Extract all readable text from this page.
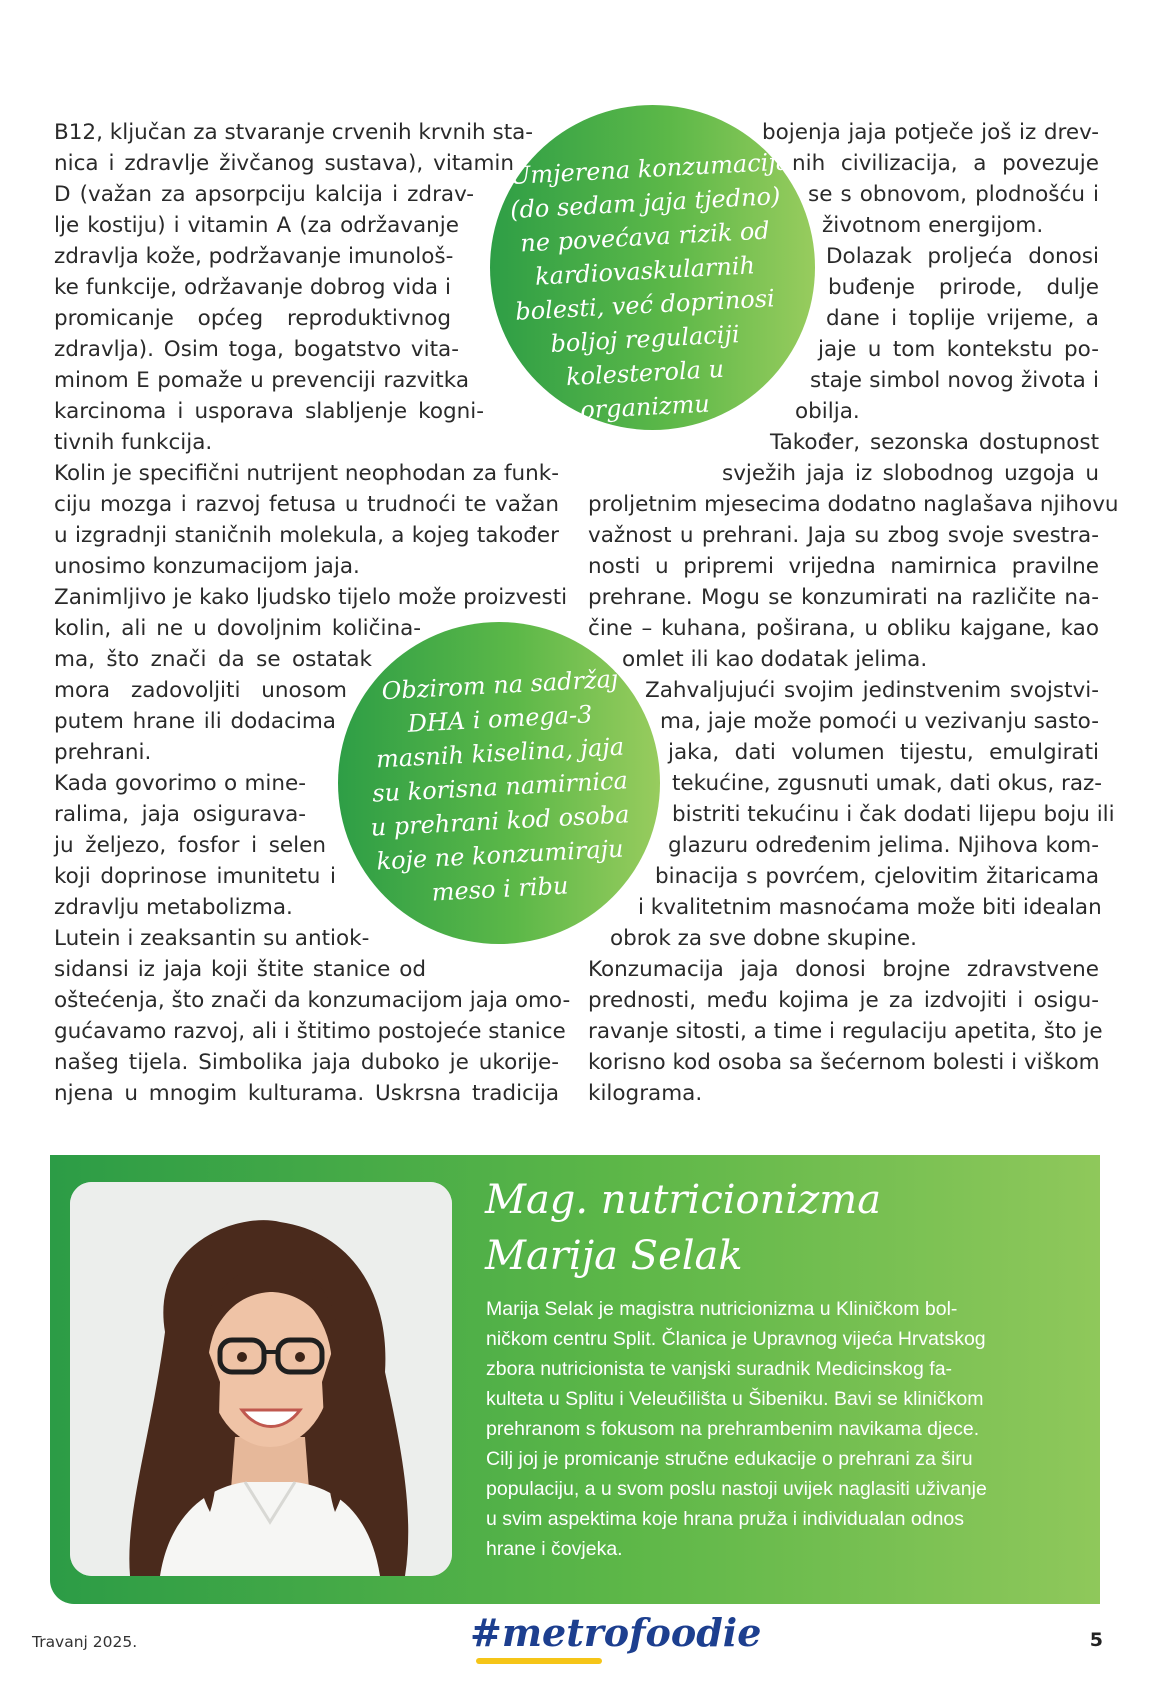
B12, ključan za stvaranje crvenih krvnih sta-
nica i zdravlje živčanog sustava), vitamin
D (važan za apsorpciju kalcija i zdrav-
lje kostiju) i vitamin A (za održavanje
zdravlja kože, podržavanje imunološ-
ke funkcije, održavanje dobrog vida i
promicanje općeg reproduktivnog
zdravlja). Osim toga, bogatstvo vita-
minom E pomaže u prevenciji razvitka
karcinoma i usporava slabljenje kogni-
tivnih funkcija.
Kolin je specifični nutrijent neophodan za funk-
ciju mozga i razvoj fetusa u trudnoći te važan
u izgradnji staničnih molekula, a kojeg također
unosimo konzumacijom jaja.
Zanimljivo je kako ljudsko tijelo može proizvesti
kolin, ali ne u dovoljnim količina-
ma, što znači da se ostatak
mora zadovoljiti unosom
putem hrane ili dodacima
prehrani.
Kada govorimo o mine-
ralima, jaja osigurava-
ju željezo, fosfor i selen
koji doprinose imunitetu i
zdravlju metabolizma.
Lutein i zeaksantin su antiok-
sidansi iz jaja koji štite stanice od
oštećenja, što znači da konzumacijom jaja omo-
gućavamo razvoj, ali i štitimo postojeće stanice
našeg tijela. Simbolika jaja duboko je ukorije-
njena u mnogim kulturama. Uskrsna tradicija
bojenja jaja potječe još iz drev-
nih civilizacija, a povezuje
se s obnovom, plodnošću i
životnom energijom.
Dolazak proljeća donosi
buđenje prirode, dulje
dane i toplije vrijeme, a
jaje u tom kontekstu po-
staje simbol novog života i
obilja.
Također, sezonska dostupnost
svježih jaja iz slobodnog uzgoja u
proljetnim mjesecima dodatno naglašava njihovu
važnost u prehrani. Jaja su zbog svoje svestra-
nosti u pripremi vrijedna namirnica pravilne
prehrane. Mogu se konzumirati na različite na-
čine – kuhana, poširana, u obliku kajgane, kao
omlet ili kao dodatak jelima.
Zahvaljujući svojim jedinstvenim svojstvi-
ma, jaje može pomoći u vezivanju sasto-
jaka, dati volumen tijestu, emulgirati
tekućine, zgusnuti umak, dati okus, raz-
bistriti tekućinu i čak dodati lijepu boju ili
glazuru određenim jelima. Njihova kom-
binacija s povrćem, cjelovitim žitaricama
i kvalitetnim masnoćama može biti idealan
obrok za sve dobne skupine.
Konzumacija jaja donosi brojne zdravstvene
prednosti, među kojima je za izdvojiti i osigu-
ravanje sitosti, a time i regulaciju apetita, što je
korisno kod osoba sa šećernom bolesti i viškom
kilograma.
Umjerena konzumacija
(do sedam jaja tjedno)
ne povećava rizik od
kardiovaskularnih
bolesti, već doprinosi
boljoj regulaciji
kolesterola u
organizmu
Obzirom na sadržaj
DHA i omega-3
masnih kiselina, jaja
su korisna namirnica
u prehrani kod osoba
koje ne konzumiraju
meso i ribu
Mag. nutricionizma
Marija Selak
Marija Selak je magistra nutricionizma u Kliničkom bol-
ničkom centru Split. Članica je Upravnog vijeća Hrvatskog
zbora nutricionista te vanjski suradnik Medicinskog fa-
kulteta u Splitu i Veleučilišta u Šibeniku. Bavi se kliničkom
prehranom s fokusom na prehrambenim navikama djece.
Cilj joj je promicanje stručne edukacije o prehrani za širu
populaciju, a u svom poslu nastoji uvijek naglasiti uživanje
u svim aspektima koje hrana pruža i individualan odnos
hrane i čovjeka.
Travanj 2025.	#metrofoodie	5
